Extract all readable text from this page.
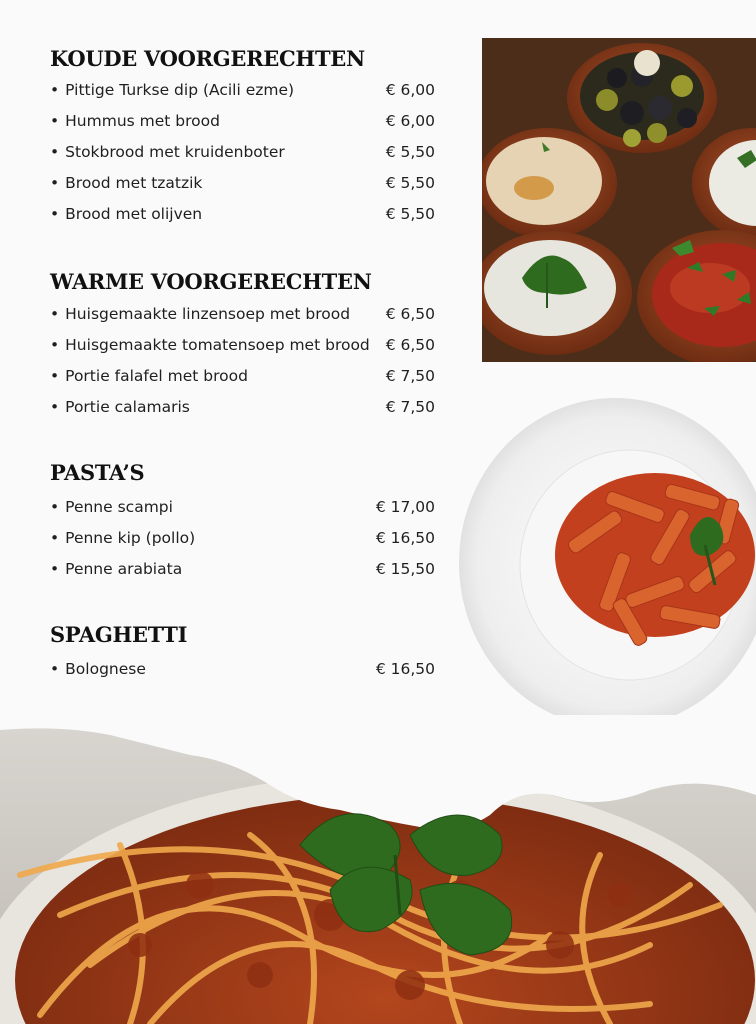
KOUDE VOORGERECHTEN
• Pittige Turkse dip (Acili ezme)	€ 6,00
• Hummus met brood	€ 6,00
• Stokbrood met kruidenboter	€ 5,50
• Brood met tzatzik	€ 5,50
• Brood met olijven	€ 5,50
WARME VOORGERECHTEN
• Huisgemaakte linzensoep met brood € 6,50
• Huisgemaakte tomatensoep met brood € 6,50
• Portie falafel met brood	€ 7,50
• Portie calamaris	€ 7,50
PASTA’S
• Penne scampi	€ 17,00
• Penne kip (pollo)	€ 16,50
• Penne arabiata	€ 15,50
SPAGHETTI
• Bolognese	€ 16,50
